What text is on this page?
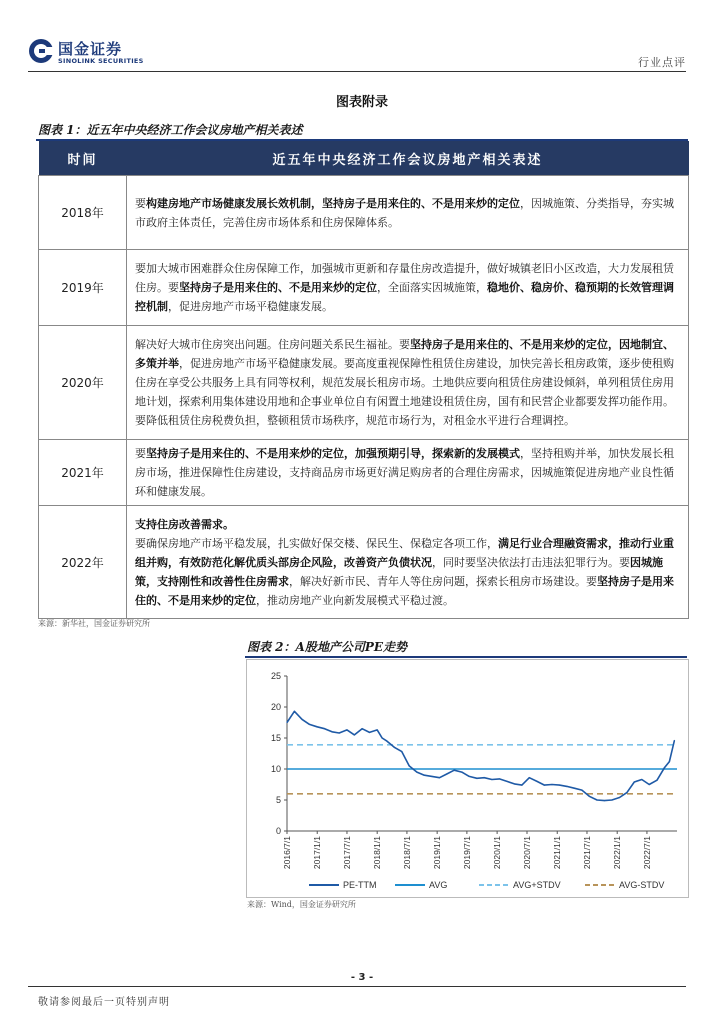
国金证券
SINOLINK SECURITIES	行业点评
图表附录
图表 1：近五年中央经济工作会议房地产相关表述
时间	近五年中央经济工作会议房地产相关表述
2018年	要构建房地产市场健康发展长效机制，坚持房子是用来住的、不是用来炒的定位，因城施策、分类指导，夯实城市政府主体责任，完善住房市场体系和住房保障体系。
2019年	要加大城市困难群众住房保障工作，加强城市更新和存量住房改造提升，做好城镇老旧小区改造，大力发展租赁住房。要坚持房子是用来住的、不是用来炒的定位，全面落实因城施策，稳地价、稳房价、稳预期的长效管理调控机制，促进房地产市场平稳健康发展。
2020年	解决好大城市住房突出问题。住房问题关系民生福祉。要坚持房子是用来住的、不是用来炒的定位，因地制宜、多策并举，促进房地产市场平稳健康发展。要高度重视保障性租赁住房建设，加快完善长租房政策，逐步使租购住房在享受公共服务上具有同等权利，规范发展长租房市场。土地供应要向租赁住房建设倾斜，单列租赁住房用地计划，探索利用集体建设用地和企事业单位自有闲置土地建设租赁住房，国有和民营企业都要发挥功能作用。要降低租赁住房税费负担，整顿租赁市场秩序，规范市场行为，对租金水平进行合理调控。
2021年	要坚持房子是用来住的、不是用来炒的定位，加强预期引导，探索新的发展模式，坚持租购并举，加快发展长租房市场，推进保障性住房建设，支持商品房市场更好满足购房者的合理住房需求，因城施策促进房地产业良性循环和健康发展。
2022年	支持住房改善需求。
要确保房地产市场平稳发展，扎实做好保交楼、保民生、保稳定各项工作，满足行业合理融资需求，推动行业重组并购，有效防范化解优质头部房企风险，改善资产负债状况，同时要坚决依法打击违法犯罪行为。要因城施策，支持刚性和改善性住房需求，解决好新市民、青年人等住房问题，探索长租房市场建设。要坚持房子是用来住的、不是用来炒的定位，推动房地产业向新发展模式平稳过渡。
来源：新华社，国金证券研究所
图表 2：A股地产公司PE走势
0
5
10
15
20
25
2016/7/1 2017/1/1 2017/7/1 2018/1/1 2018/7/1 2019/1/1 2019/7/1 2020/1/1 2020/7/1 2021/1/1 2021/7/1 2022/1/1 2022/7/1
PE-TTM	AVG	AVG+STDV	AVG-STDV
来源：Wind，国金证券研究所
- 3 -
敬请参阅最后一页特别声明
